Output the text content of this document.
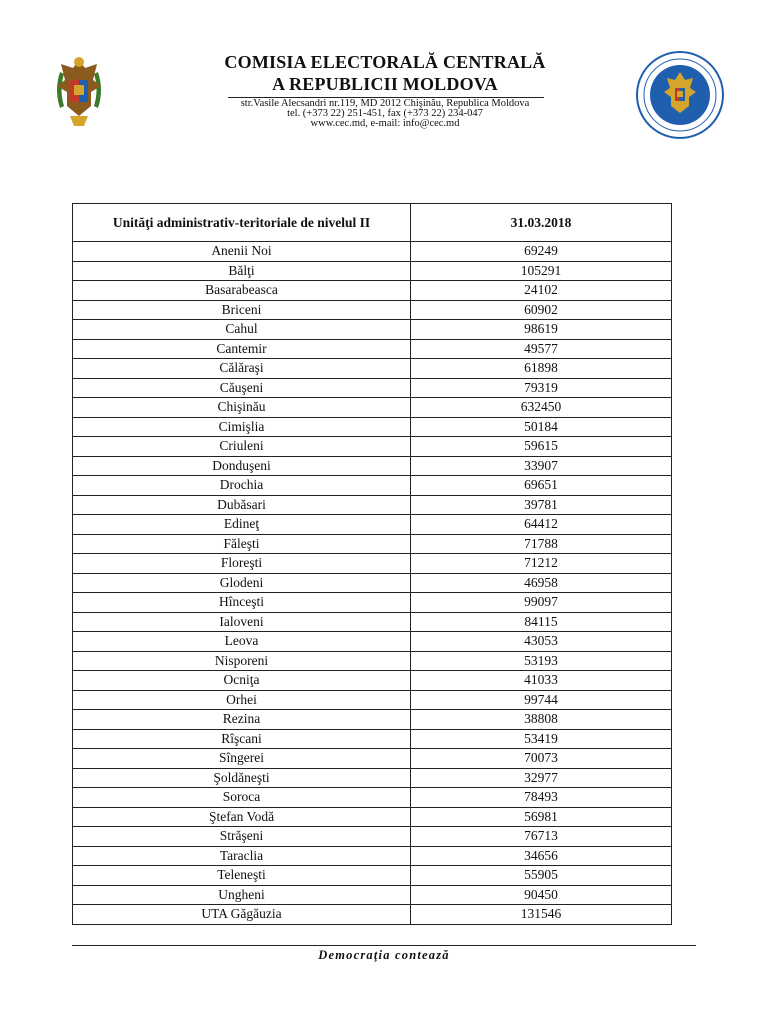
COMISIA ELECTORALĂ CENTRALĂ
A REPUBLICII MOLDOVA
str.Vasile Alecsandri nr.119, MD 2012 Chişinău, Republica Moldova
tel. (+373 22) 251-451, fax (+373 22) 234-047
www.cec.md, e-mail: info@cec.md
Unităţi administrativ-teritoriale de nivelul II	31.03.2018
Anenii Noi	69249
Bălţi	105291
Basarabeasca	24102
Briceni	60902
Cahul	98619
Cantemir	49577
Călăraşi	61898
Căuşeni	79319
Chişinău	632450
Cimişlia	50184
Criuleni	59615
Donduşeni	33907
Drochia	69651
Dubăsari	39781
Edineţ	64412
Făleşti	71788
Floreşti	71212
Glodeni	46958
Hînceşti	99097
Ialoveni	84115
Leova	43053
Nisporeni	53193
Ocniţa	41033
Orhei	99744
Rezina	38808
Rîşcani	53419
Sîngerei	70073
Şoldăneşti	32977
Soroca	78493
Ştefan Vodă	56981
Străşeni	76713
Taraclia	34656
Teleneşti	55905
Ungheni	90450
UTA Găgăuzia	131546
Democraţia contează
